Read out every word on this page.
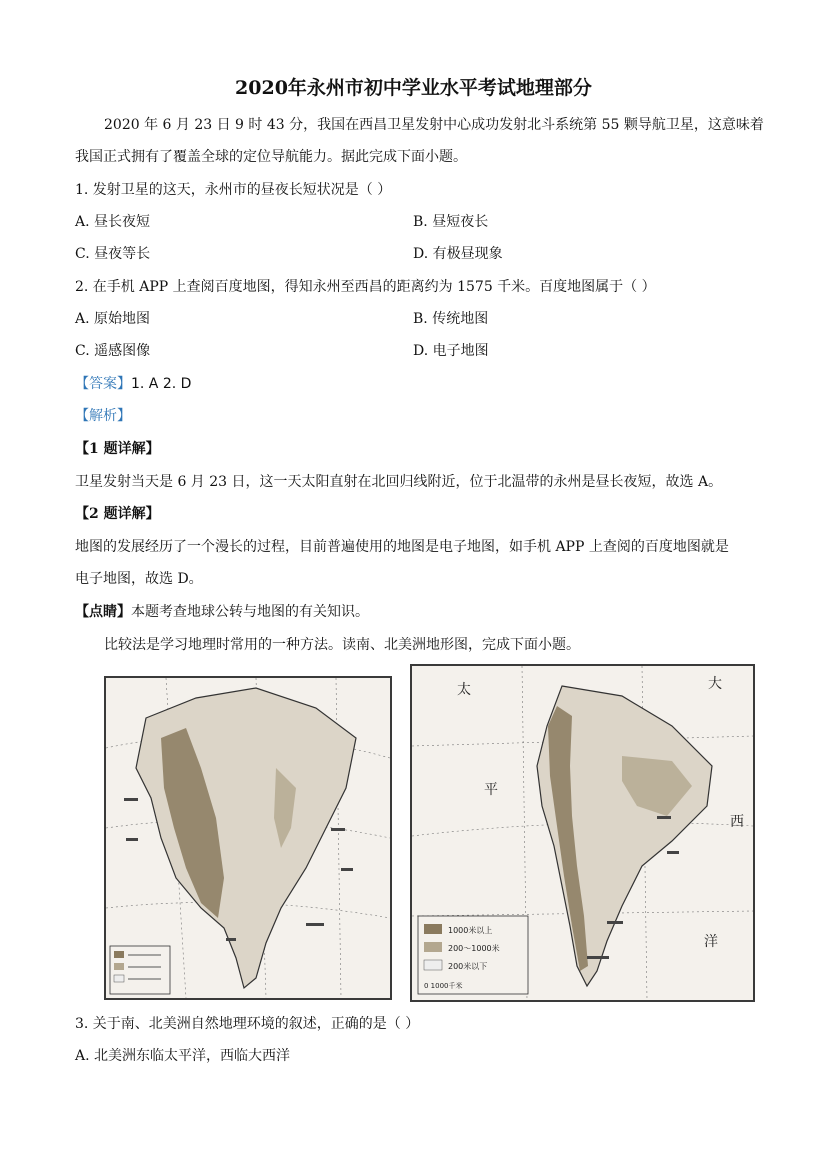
2020年永州市初中学业水平考试地理部分
2020 年 6 月 23 日 9 时 43 分，我国在西昌卫星发射中心成功发射北斗系统第 55 颗导航卫星，这意味着
我国正式拥有了覆盖全球的定位导航能力。据此完成下面小题。
1. 发射卫星的这天，永州市的昼夜长短状况是（ ）
A. 昼长夜短	B. 昼短夜长
C. 昼夜等长	D. 有极昼现象
2. 在手机 APP 上查阅百度地图，得知永州至西昌的距离约为 1575 千米。百度地图属于（ ）
A. 原始地图	B. 传统地图
C. 遥感图像	D. 电子地图
【答案】1. A 2. D
【解析】
【1 题详解】
卫星发射当天是 6 月 23 日，这一天太阳直射在北回归线附近，位于北温带的永州是昼长夜短，故选 A。
【2 题详解】
地图的发展经历了一个漫长的过程，目前普遍使用的地图是电子地图，如手机 APP 上查阅的百度地图就是
电子地图，故选 D。
【点睛】本题考查地球公转与地图的有关知识。
比较法是学习地理时常用的一种方法。读南、北美洲地形图，完成下面小题。
太	大
平
西
洋
1000米以上
200～1000米
200米以下
0 1000千米
3. 关于南、北美洲自然地理环境的叙述，正确的是（ ）
A. 北美洲东临太平洋，西临大西洋
